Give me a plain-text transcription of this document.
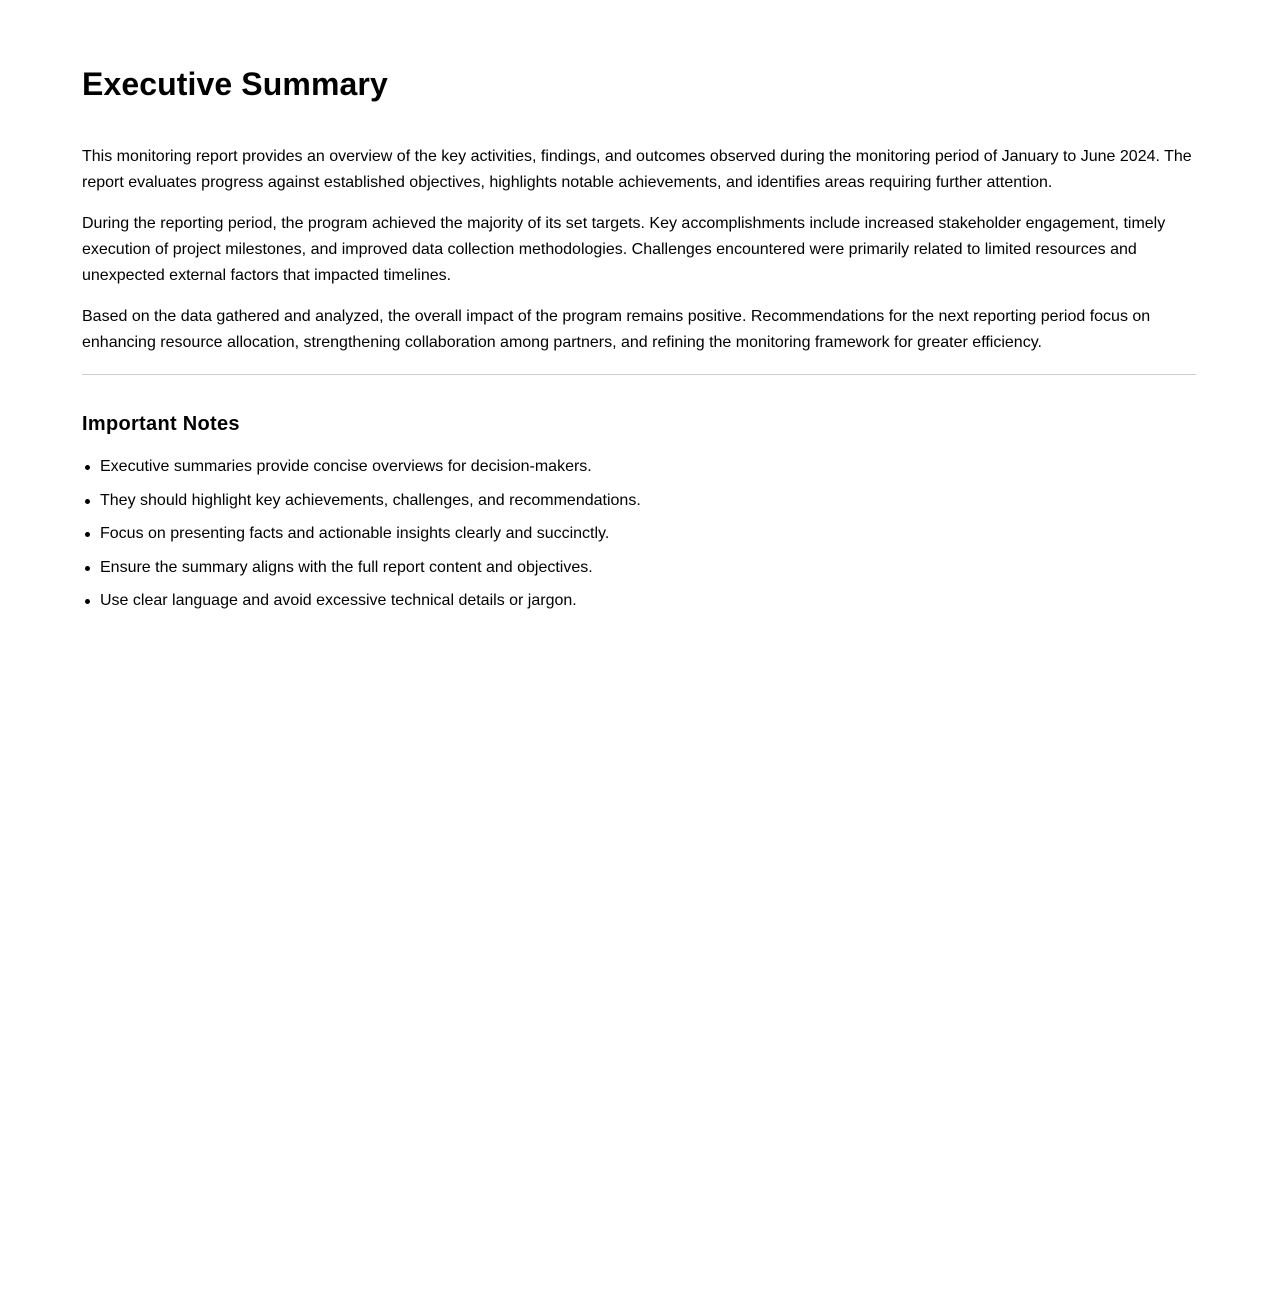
Executive Summary

This monitoring report provides an overview of the key activities, findings, and outcomes observed during the monitoring period of January to June 2024. The report evaluates progress against established objectives, highlights notable achievements, and identifies areas requiring further attention.

During the reporting period, the program achieved the majority of its set targets. Key accomplishments include increased stakeholder engagement, timely execution of project milestones, and improved data collection methodologies. Challenges encountered were primarily related to limited resources and unexpected external factors that impacted timelines.

Based on the data gathered and analyzed, the overall impact of the program remains positive. Recommendations for the next reporting period focus on enhancing resource allocation, strengthening collaboration among partners, and refining the monitoring framework for greater efficiency.

Important Notes
Executive summaries provide concise overviews for decision-makers.
They should highlight key achievements, challenges, and recommendations.
Focus on presenting facts and actionable insights clearly and succinctly.
Ensure the summary aligns with the full report content and objectives.
Use clear language and avoid excessive technical details or jargon.
